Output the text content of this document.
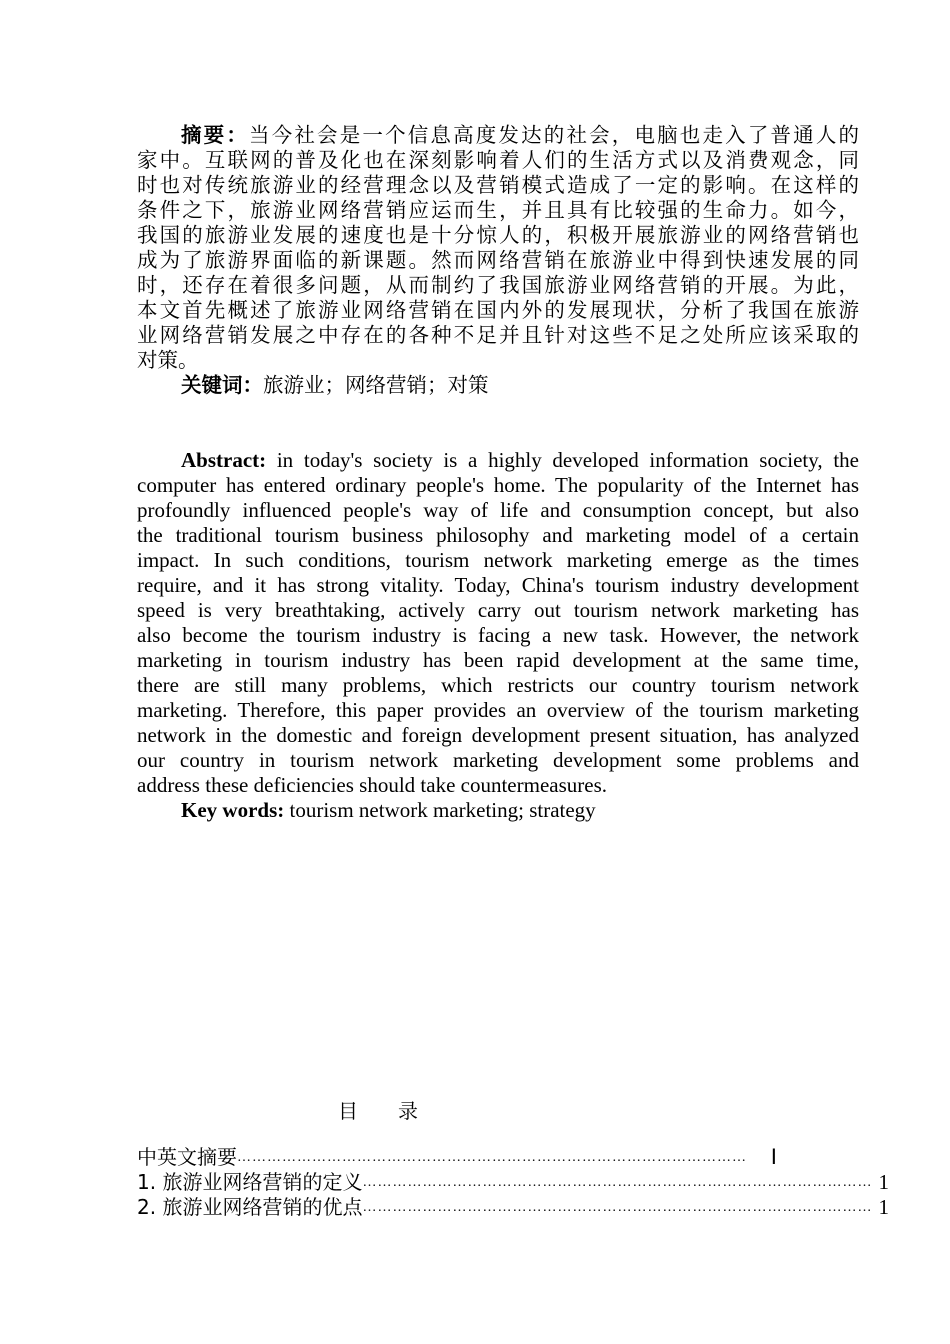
摘要：当今社会是一个信息高度发达的社会，电脑也走入了普通人的
家中。互联网的普及化也在深刻影响着人们的生活方式以及消费观念，同
时也对传统旅游业的经营理念以及营销模式造成了一定的影响。在这样的
条件之下，旅游业网络营销应运而生，并且具有比较强的生命力。如今，
我国的旅游业发展的速度也是十分惊人的，积极开展旅游业的网络营销也
成为了旅游界面临的新课题。然而网络营销在旅游业中得到快速发展的同
时，还存在着很多问题，从而制约了我国旅游业网络营销的开展。为此，
本文首先概述了旅游业网络营销在国内外的发展现状，分析了我国在旅游
业网络营销发展之中存在的各种不足并且针对这些不足之处所应该采取的
对策。
关键词：旅游业；网络营销；对策
Abstract: in today's society is a highly developed information society, the
computer has entered ordinary people's home. The popularity of the Internet has
profoundly influenced people's way of life and consumption concept, but also
the traditional tourism business philosophy and marketing model of a certain
impact. In such conditions, tourism network marketing emerge as the times
require, and it has strong vitality. Today, China's tourism industry development
speed is very breathtaking, actively carry out tourism network marketing has
also become the tourism industry is facing a new task. However, the network
marketing in tourism industry has been rapid development at the same time,
there are still many problems, which restricts our country tourism network
marketing. Therefore, this paper provides an overview of the tourism marketing
network in the domestic and foreign development present situation, has analyzed
our country in tourism network marketing development some problems and
address these deficiencies should take countermeasures.
Key words: tourism network marketing; strategy
目录
中英文摘要 …………………………………………………………………………………………	Ⅰ
1. 旅游业网络营销的定义 ………………………………………………………………………………………… 1
2. 旅游业网络营销的优点 ………………………………………………………………………………………… 1
